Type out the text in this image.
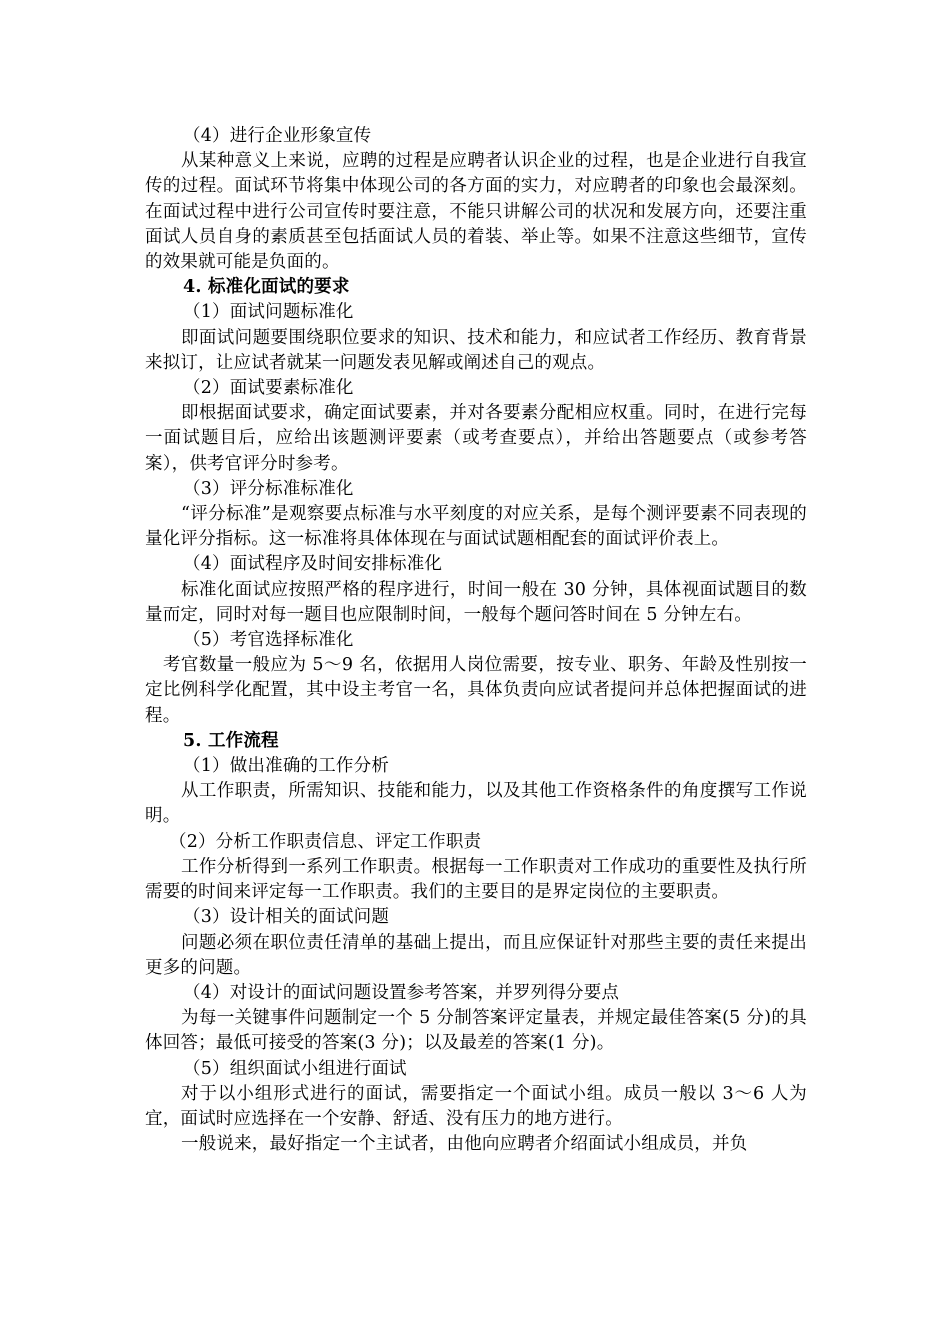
（4）进行企业形象宣传

从某种意义上来说，应聘的过程是应聘者认识企业的过程，也是企业进行自我宣传的过程。面试环节将集中体现公司的各方面的实力，对应聘者的印象也会最深刻。在面试过程中进行公司宣传时要注意，不能只讲解公司的状况和发展方向，还要注重面试人员自身的素质甚至包括面试人员的着装、举止等。如果不注意这些细节，宣传的效果就可能是负面的。

4. 标准化面试的要求

（1）面试问题标准化

即面试问题要围绕职位要求的知识、技术和能力，和应试者工作经历、教育背景来拟订，让应试者就某一问题发表见解或阐述自己的观点。

（2）面试要素标准化

即根据面试要求，确定面试要素，并对各要素分配相应权重。同时，在进行完每一面试题目后，应给出该题测评要素（或考查要点），并给出答题要点（或参考答案），供考官评分时参考。

（3）评分标准标准化

“评分标准”是观察要点标准与水平刻度的对应关系，是每个测评要素不同表现的量化评分指标。这一标准将具体体现在与面试试题相配套的面试评价表上。

（4）面试程序及时间安排标准化

标准化面试应按照严格的程序进行，时间一般在 30 分钟，具体视面试题目的数量而定，同时对每一题目也应限制时间，一般每个题问答时间在 5 分钟左右。

（5）考官选择标准化

考官数量一般应为 5～9 名，依据用人岗位需要，按专业、职务、年龄及性别按一定比例科学化配置，其中设主考官一名，具体负责向应试者提问并总体把握面试的进程。

5. 工作流程

（1）做出准确的工作分析

从工作职责，所需知识、技能和能力，以及其他工作资格条件的角度撰写工作说明。

（2）分析工作职责信息、评定工作职责

工作分析得到一系列工作职责。根据每一工作职责对工作成功的重要性及执行所需要的时间来评定每一工作职责。我们的主要目的是界定岗位的主要职责。

（3）设计相关的面试问题

问题必须在职位责任清单的基础上提出，而且应保证针对那些主要的责任来提出更多的问题。

（4）对设计的面试问题设置参考答案，并罗列得分要点

为每一关键事件问题制定一个 5 分制答案评定量表，并规定最佳答案(5 分)的具体回答；最低可接受的答案(3 分)；以及最差的答案(1 分)。

（5）组织面试小组进行面试

对于以小组形式进行的面试，需要指定一个面试小组。成员一般以 3～6 人为宜，面试时应选择在一个安静、舒适、没有压力的地方进行。

一般说来，最好指定一个主试者，由他向应聘者介绍面试小组成员，并负
